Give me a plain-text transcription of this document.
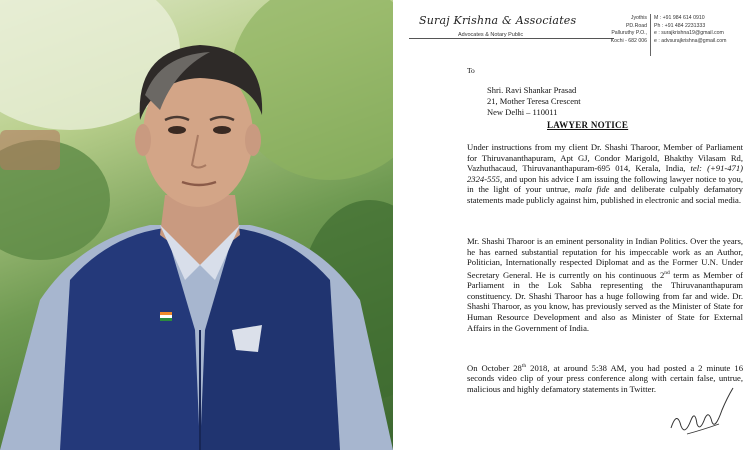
Suraj Krishna & Associates
Advocates & Notary Public
Jyothis
PD.Road
Palluruthy P.O.,
Kochi - 682 006
M : +91 984 614 0910
Ph : +91 484 2231333
e : surajkrishna19@gmail.com
e : advsurajkrishna@gmail.com
To
Shri. Ravi Shankar Prasad
21, Mother Teresa Crescent
New Delhi – 110011
LAWYER NOTICE

Under instructions from my client Dr. Shashi Tharoor, Member of Parliament for Thiruvananthapuram, Apt GJ, Condor Marigold, Bhakthy Vilasam Rd, Vazhuthacaud, Thiruvananthapuram-695 014, Kerala, India, tel: (+91-471) 2324-555, and upon his advice I am issuing the following lawyer notice to you, in the light of your untrue, mala fide and deliberate culpably defamatory statements made publicly against him, published in electronic and social media.

Mr. Shashi Tharoor is an eminent personality in Indian Politics. Over the years, he has earned substantial reputation for his impeccable work as an Author, Politician, Internationally respected Diplomat and as the Former U.N. Under Secretary General. He is currently on his continuous 2nd term as Member of Parliament in the Lok Sabha representing the Thiruvananthapuram constituency. Dr. Shashi Tharoor has a huge following from far and wide. Dr. Shashi Tharoor, as you know, has previously served as the Minister of State for Human Resource Development and also as Minister of State for External Affairs in the Government of India.

On October 28th 2018, at around 5:38 AM, you had posted a 2 minute 16 seconds video clip of your press conference along with certain false, untrue, malicious and highly defamatory statements in Twitter.
